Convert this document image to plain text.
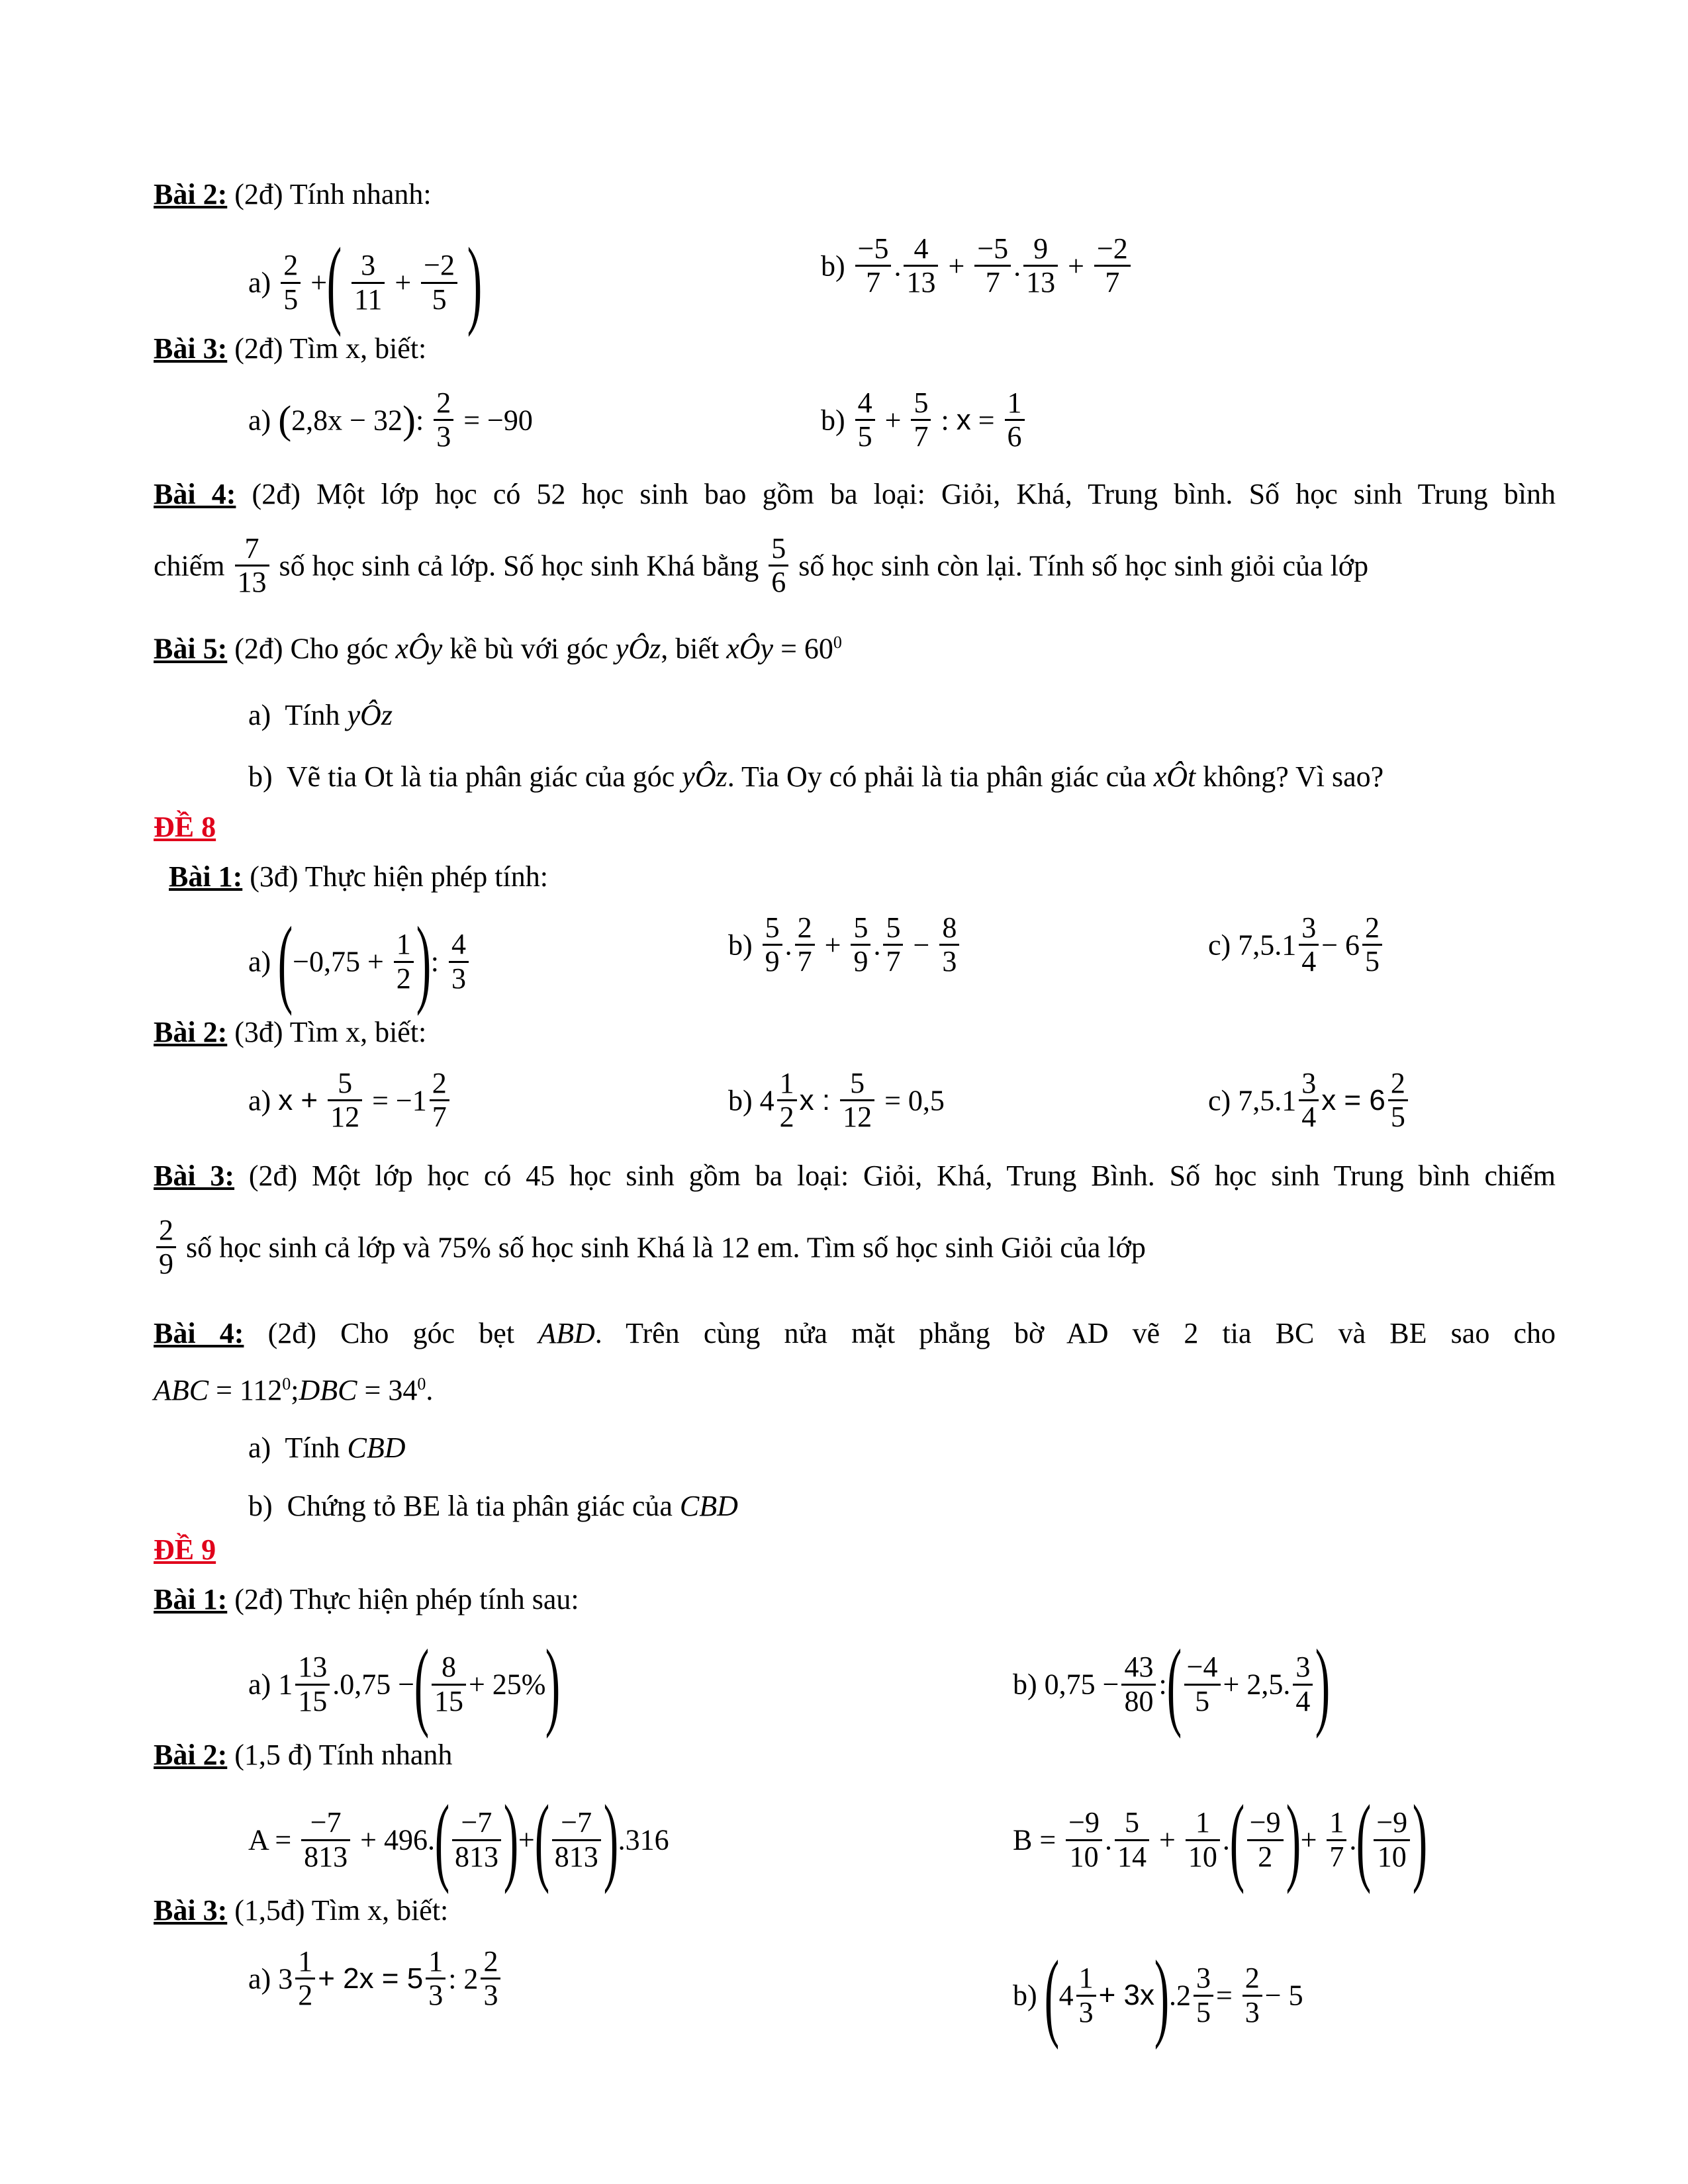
Bài 2: (2đ) Tính nhanh:
$a) \frac{2}{5}$ +( $\frac{3}{11} + \frac{-2}{5}$ )	$b) \frac{-5}{7}$ . $\frac{4}{13} + \frac{-5}{7}$ . $\frac{9}{13} + \frac{-2}{7}$
Bài 3: (2đ) Tìm x, biết:
a) (2,8x − 32): $\frac{2}{3} = -90$	$b) \frac{4}{5} + \frac{5}{7}$ : $x = \frac{1}{6}$
Bài 4: (2đ) Một lớp học có 52 học sinh bao gồm ba loại: Giỏi, Khá, Trung bình. Số học sinh Trung bình
chiếm $\frac{7}{13}$ số học sinh cả lớp. Số học sinh Khá bằng $\frac{5}{6}$ số học sinh còn lại. Tính số học sinh giỏi của lớp
Bài 5: (2đ) Cho góc xÔy kề bù với góc yÔz, biết xÔy = $60^0$
a) Tính yÔz
b) Vẽ tia Ot là tia phân giác của góc yÔz. Tia Oy có phải là tia phân giác của xÔt không? Vì sao?
ĐỀ 8
Bài 1: (3đ) Thực hiện phép tính:
a) ($-0,75 + \frac{1}{2}$ ): $\frac{4}{3}$	$b) \frac{5}{9}$ . $\frac{2}{7} + \frac{5}{9}$ . $\frac{5}{7} - \frac{8}{3}$	c) $7,5.1 \frac{3}{4} - 6 \frac{2}{5}$
Bài 2: (3đ) Tìm x, biết:
a) $x + \frac{5}{12} = -1 \frac{2}{7}$	b) $4 \frac{1}{2}$ x : $\frac{5}{12} = 0,5$	c) $7,5.1 \frac{3}{4}$ $x = 6 \frac{2}{5}$
Bài 3: (2đ) Một lớp học có 45 học sinh gồm ba loại: Giỏi, Khá, Trung Bình. Số học sinh Trung bình chiếm
$\frac{2}{9}$ số học sinh cả lớp và 75% số học sinh Khá là 12 em. Tìm số học sinh Giỏi của lớp
Bài 4: (2đ) Cho góc bẹt ABD. Trên cùng nửa mặt phẳng bờ AD vẽ 2 tia BC và BE sao cho
ABC = $112^0;DBC = 34^0$.
a) Tính CBD
b) Chứng tỏ BE là tia phân giác của CBD
ĐỀ 9
Bài 1: (2đ) Thực hiện phép tính sau:
a) $1 \frac{13}{15} .0,75$ −( $\frac{8}{15} + 25\%$)	b) $0,75 - \frac{43}{80}$ :( $\frac{-4}{5} + 2,5$. $\frac{3}{4}$ )
Bài 2: (1,5 đ) Tính nhanh
$A = \frac{-7}{813} + 496.( \frac{-7}{813}$ )+( $\frac{-7}{813} ).316$	$B = \frac{-9}{10}$ . $\frac{5}{14} + \frac{1}{10}$ .( $\frac{-9}{2}$ )+ $\frac{1}{7}$ .( $\frac{-9}{10}$ )
Bài 3: (1,5đ) Tìm x, biết:
a) $3 \frac{1}{2} + 2x = 5 \frac{1}{3}$ : $2 \frac{2}{3}$	b) $(4 \frac{1}{3} + 3x).2 \frac{3}{5} = \frac{2}{3} - 5$
